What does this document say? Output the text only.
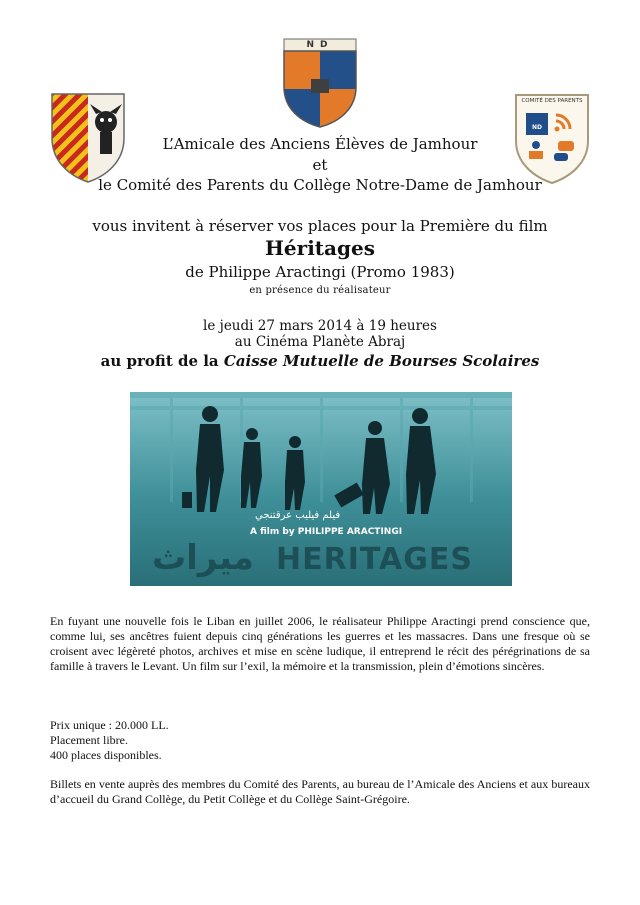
ND
COMITÉ DES PARENTS
ND
L’Amicale des Anciens Élèves de Jamhour
et
le Comité des Parents du Collège Notre-Dame de Jamhour
vous invitent à réserver vos places pour la Première du film
Héritages
de Philippe Aractingi (Promo 1983)
en présence du réalisateur
le jeudi 27 mars 2014 à 19 heures
au Cinéma Planète Abraj
au profit de la Caisse Mutuelle de Bourses Scolaires
فيلم فيليب عرقتنجي
A film by PHILIPPE ARACTINGI
ميراث HERITAGES
En fuyant une nouvelle fois le Liban en juillet 2006, le réalisateur Philippe Aractingi prend conscience que, comme lui, ses ancêtres fuient depuis cinq générations les guerres et les massacres. Dans une fresque où se croisent avec légèreté photos, archives et mise en scène ludique, il entreprend le récit des pérégrinations de sa famille à travers le Levant. Un film sur l’exil, la mémoire et la transmission, plein d’émotions sincères.
Prix unique : 20.000 LL.
Placement libre.
400 places disponibles.
Billets en vente auprès des membres du Comité des Parents, au bureau de l’Amicale des Anciens et aux bureaux d’accueil du Grand Collège, du Petit Collège et du Collège Saint-Grégoire.
